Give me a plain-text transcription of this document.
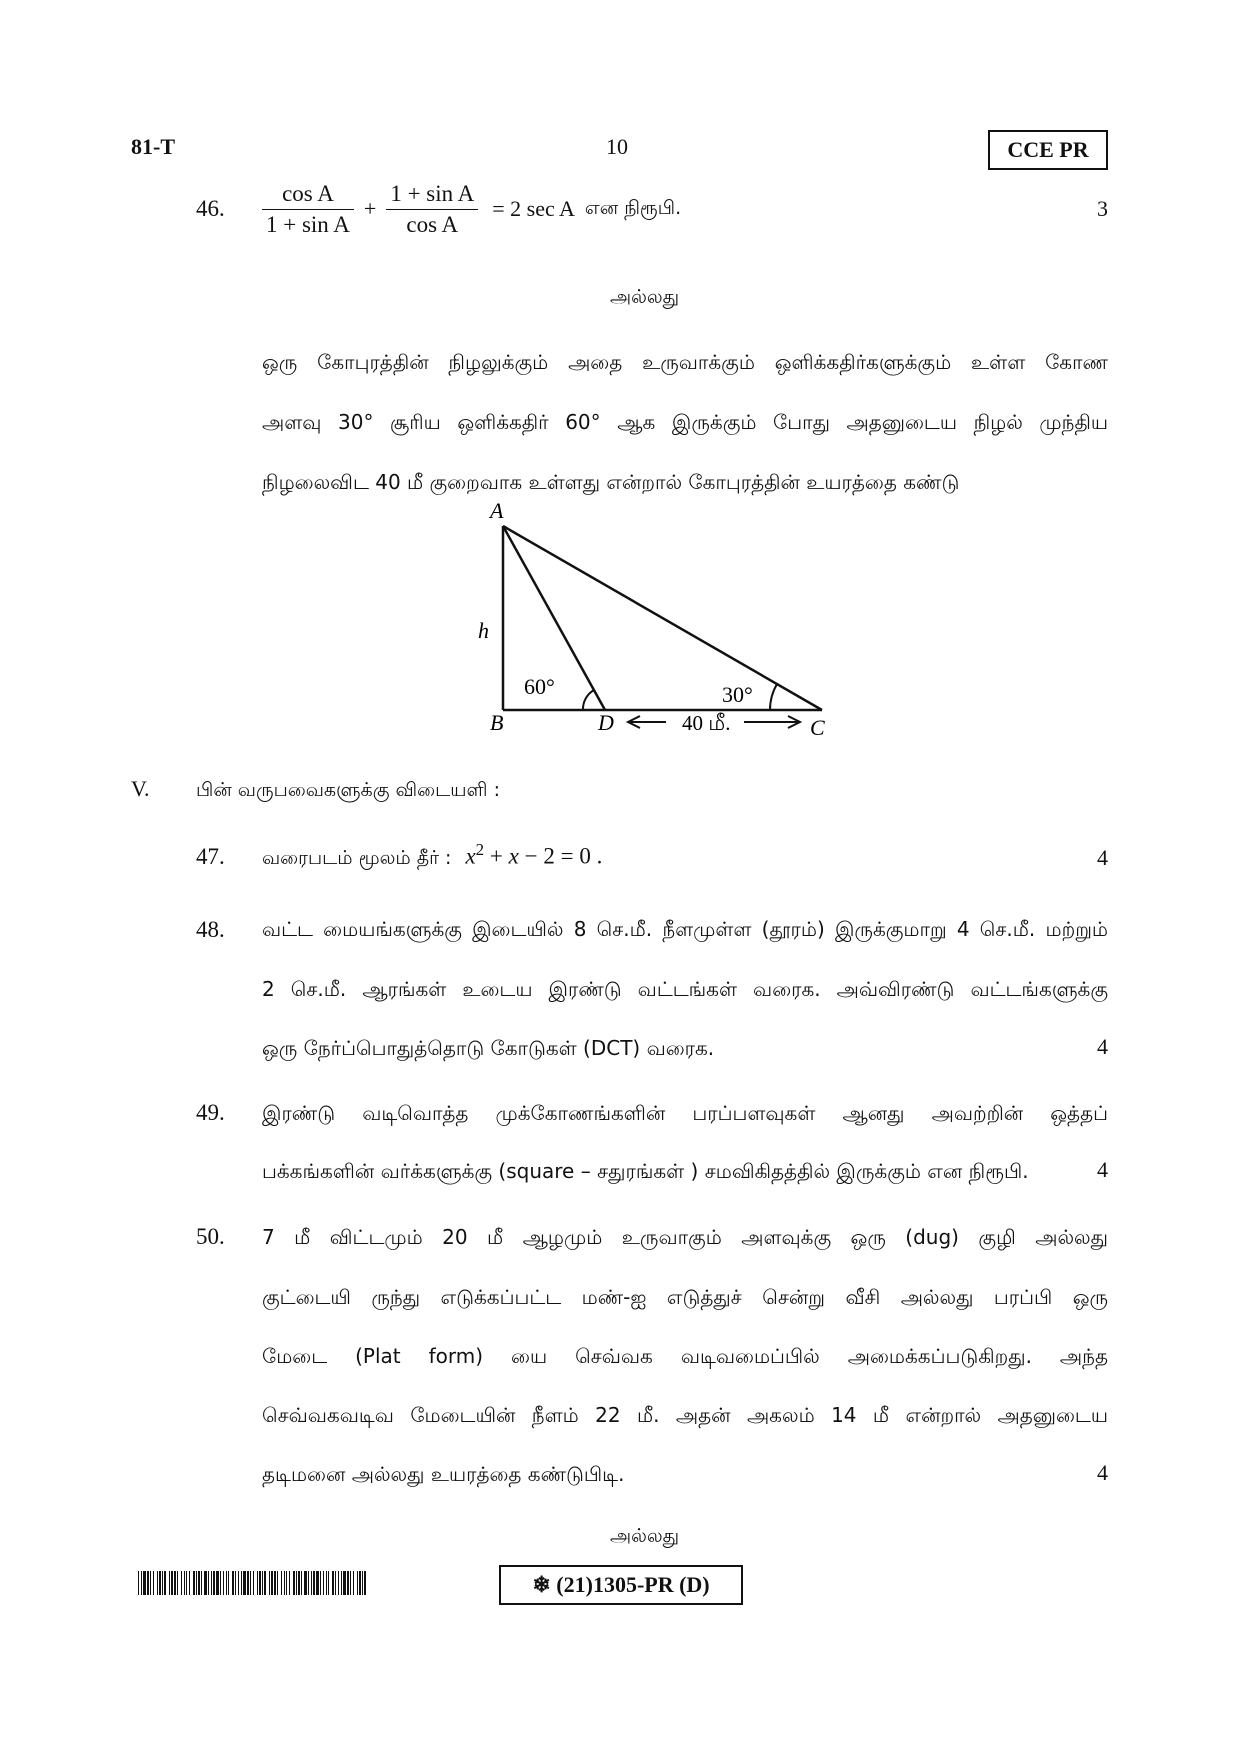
81-T	10	CCE PR
46. $\frac{\text{cos A}}{\text{1 + sin A}} + \frac{\text{1 + sin A}}{\text{cos A}} = 2$ sec A என நிரூபி.	3
அல்லது
ஒரு கோபுரத்தின் நிழலுக்கும் அதை உருவாக்கும் ஒளிக்கதிர்களுக்கும் உள்ள கோண
அளவு 30° சூரிய ஒளிக்கதிர் 60° ஆக இருக்கும் போது அதனுடைய நிழல் முந்திய
நிழலைவிட 40 மீ குறைவாக உள்ளது என்றால் கோபுரத்தின் உயரத்தை கண்டு
A
B	C
D
h
60°	30°
40 மீ.
V. பின் வருபவைகளுக்கு விடையளி :
47. வரைபடம் மூலம் தீர் : $x^2 + x - 2 = 0$ .	4
48. வட்ட மையங்களுக்கு இடையில் 8 செ.மீ. நீளமுள்ள (தூரம்) இருக்குமாறு 4 செ.மீ. மற்றும்
2 செ.மீ. ஆரங்கள் உடைய இரண்டு வட்டங்கள் வரைக. அவ்விரண்டு வட்டங்களுக்கு
ஒரு நேர்ப்பொதுத்தொடு கோடுகள் (DCT) வரைக.	4
49. இரண்டு வடிவொத்த முக்கோணங்களின் பரப்பளவுகள் ஆனது அவற்றின் ஒத்தப்
பக்கங்களின் வர்க்களுக்கு (square – சதுரங்கள் ) சமவிகிதத்தில் இருக்கும் என நிரூபி.	4
50. 7 மீ விட்டமும் 20 மீ ஆழமும் உருவாகும் அளவுக்கு ஒரு (dug) குழி அல்லது
குட்டையி ருந்து எடுக்கப்பட்ட மண்-ஐ எடுத்துச் சென்று வீசி அல்லது பரப்பி ஒரு
மேடை (Plat form) யை செவ்வக வடிவமைப்பில் அமைக்கப்படுகிறது. அந்த
செவ்வகவடிவ மேடையின் நீளம் 22 மீ. அதன் அகலம் 14 மீ என்றால் அதனுடைய
தடிமனை அல்லது உயரத்தை கண்டுபிடி.	4
அல்லது
❄ (21)1305-PR (D)
